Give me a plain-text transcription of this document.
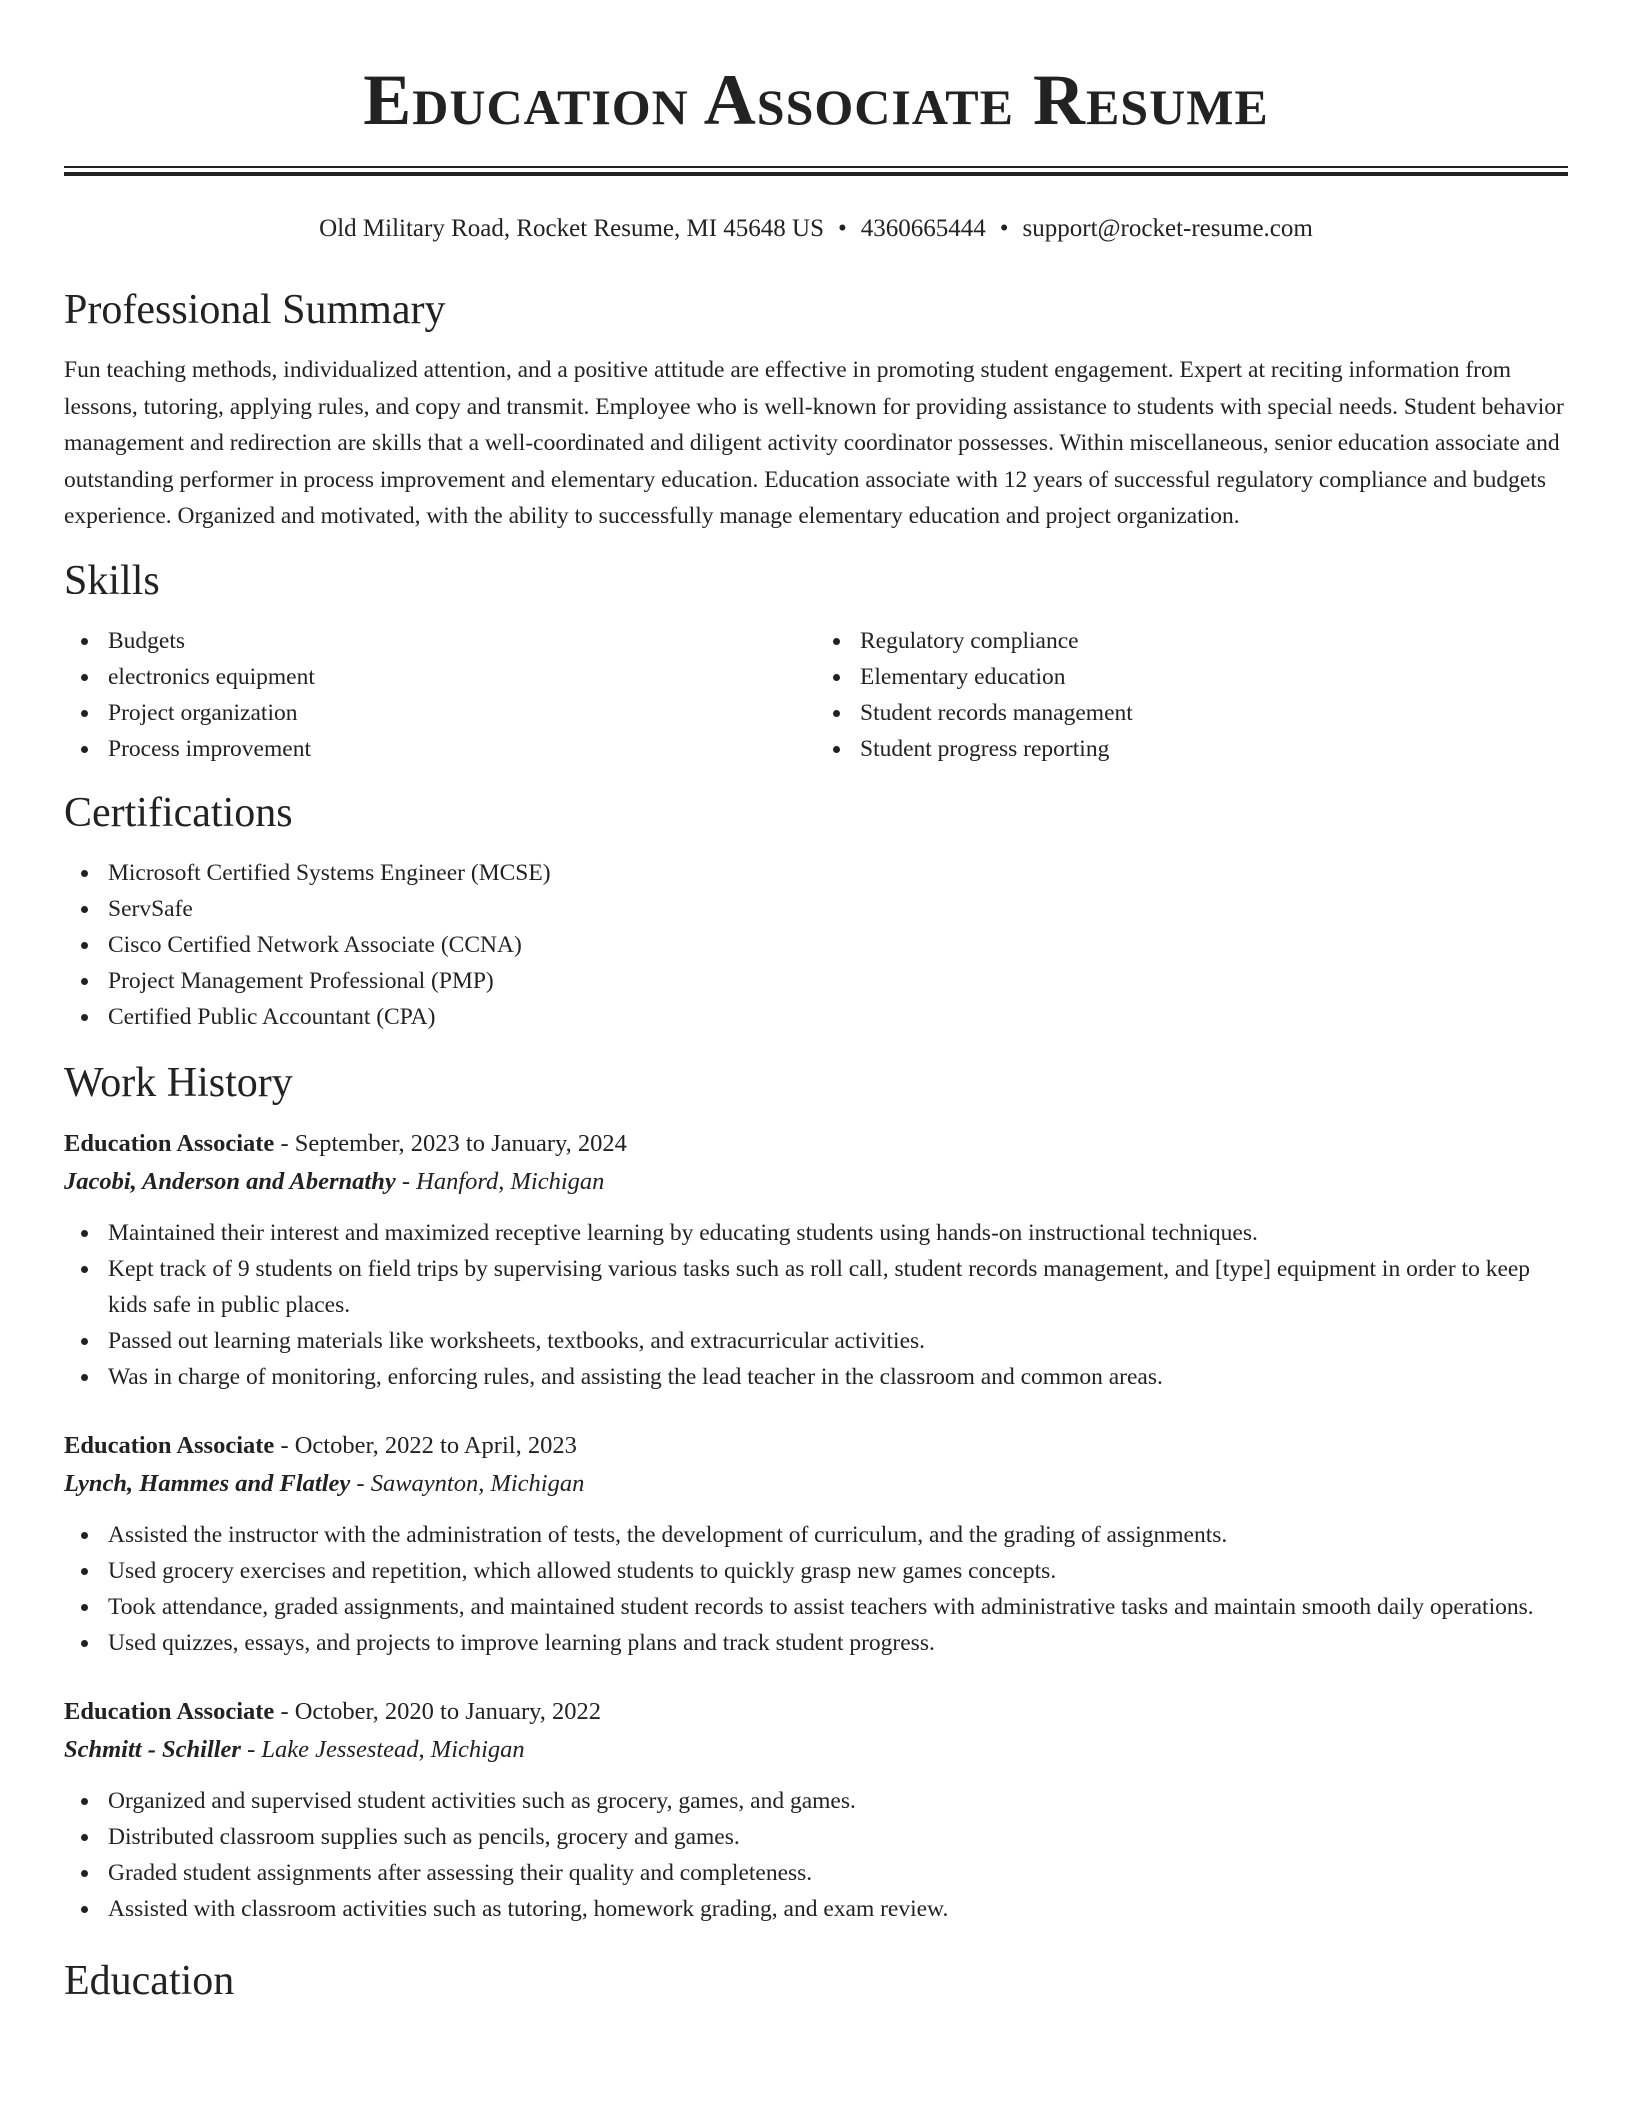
Education Associate Resume
Old Military Road, Rocket Resume, MI 45648 US • 4360665444 • support@rocket-resume.com
Professional Summary

Fun teaching methods, individualized attention, and a positive attitude are effective in promoting student engagement. Expert at reciting information from lessons, tutoring, applying rules, and copy and transmit. Employee who is well-known for providing assistance to students with special needs. Student behavior management and redirection are skills that a well-coordinated and diligent activity coordinator possesses. Within miscellaneous, senior education associate and outstanding performer in process improvement and elementary education. Education associate with 12 years of successful regulatory compliance and budgets experience. Organized and motivated, with the ability to successfully manage elementary education and project organization.

Skills
Budgets
electronics equipment
Project organization
Process improvement
Regulatory compliance
Elementary education
Student records management
Student progress reporting
Certifications
Microsoft Certified Systems Engineer (MCSE)
ServSafe
Cisco Certified Network Associate (CCNA)
Project Management Professional (PMP)
Certified Public Accountant (CPA)
Work History
Education Associate - September, 2023 to January, 2024
Jacobi, Anderson and Abernathy - Hanford, Michigan
Maintained their interest and maximized receptive learning by educating students using hands-on instructional techniques.
Kept track of 9 students on field trips by supervising various tasks such as roll call, student records management, and [type] equipment in order to keep kids safe in public places.
Passed out learning materials like worksheets, textbooks, and extracurricular activities.
Was in charge of monitoring, enforcing rules, and assisting the lead teacher in the classroom and common areas.
Education Associate - October, 2022 to April, 2023
Lynch, Hammes and Flatley - Sawaynton, Michigan
Assisted the instructor with the administration of tests, the development of curriculum, and the grading of assignments.
Used grocery exercises and repetition, which allowed students to quickly grasp new games concepts.
Took attendance, graded assignments, and maintained student records to assist teachers with administrative tasks and maintain smooth daily operations.
Used quizzes, essays, and projects to improve learning plans and track student progress.
Education Associate - October, 2020 to January, 2022
Schmitt - Schiller - Lake Jessestead, Michigan
Organized and supervised student activities such as grocery, games, and games.
Distributed classroom supplies such as pencils, grocery and games.
Graded student assignments after assessing their quality and completeness.
Assisted with classroom activities such as tutoring, homework grading, and exam review.
Education
